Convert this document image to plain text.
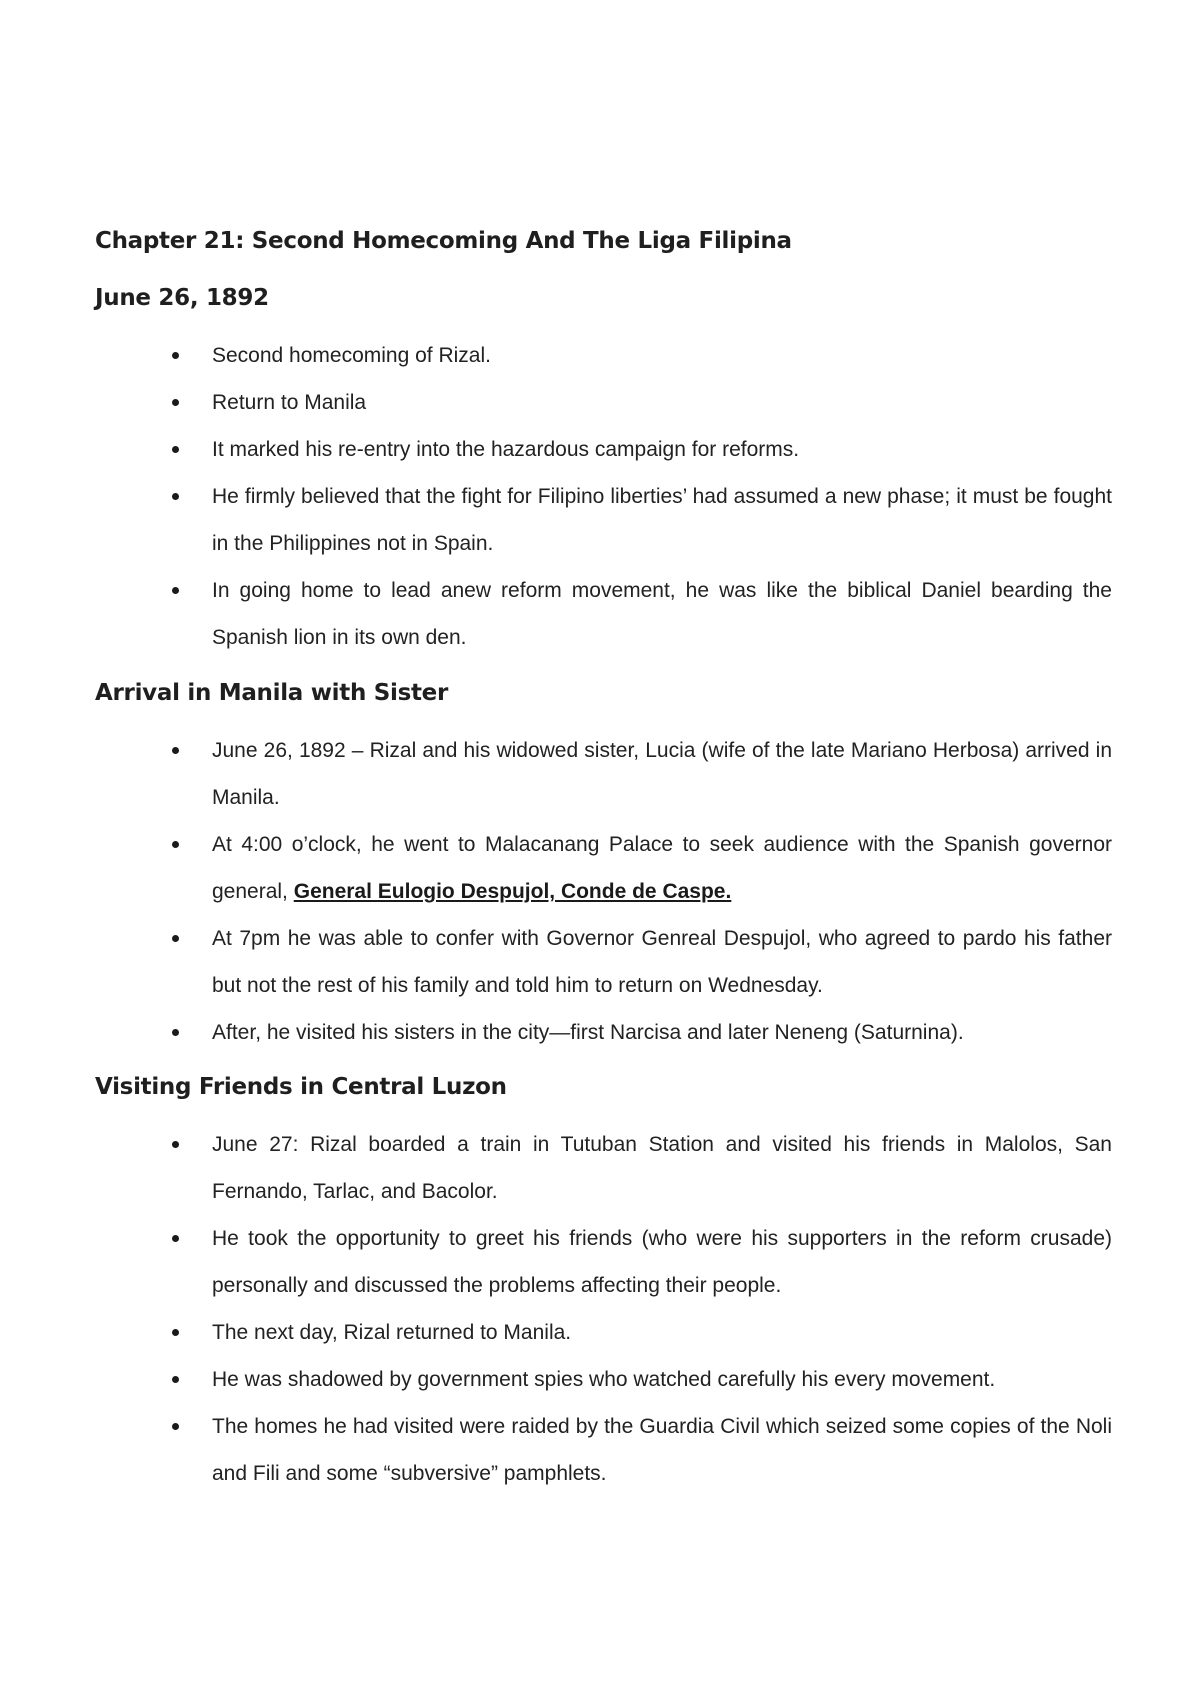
Chapter 21: Second Homecoming And The Liga Filipina
June 26, 1892
Second homecoming of Rizal.
Return to Manila
It marked his re-entry into the hazardous campaign for reforms.
He firmly believed that the fight for Filipino liberties’ had assumed a new phase; it must be fought in the Philippines not in Spain.
In going home to lead anew reform movement, he was like the biblical Daniel bearding the Spanish lion in its own den.
Arrival in Manila with Sister
June 26, 1892 – Rizal and his widowed sister, Lucia (wife of the late Mariano Herbosa) arrived in Manila.
At 4:00 o’clock, he went to Malacanang Palace to seek audience with the Spanish governor general, General Eulogio Despujol, Conde de Caspe.
At 7pm he was able to confer with Governor Genreal Despujol, who agreed to pardo his father but not the rest of his family and told him to return on Wednesday.
After, he visited his sisters in the city—first Narcisa and later Neneng (Saturnina).
Visiting Friends in Central Luzon
June 27: Rizal boarded a train in Tutuban Station and visited his friends in Malolos, San Fernando, Tarlac, and Bacolor.
He took the opportunity to greet his friends (who were his supporters in the reform crusade) personally and discussed the problems affecting their people.
The next day, Rizal returned to Manila.
He was shadowed by government spies who watched carefully his every movement.
The homes he had visited were raided by the Guardia Civil which seized some copies of the Noli and Fili and some “subversive” pamphlets.
